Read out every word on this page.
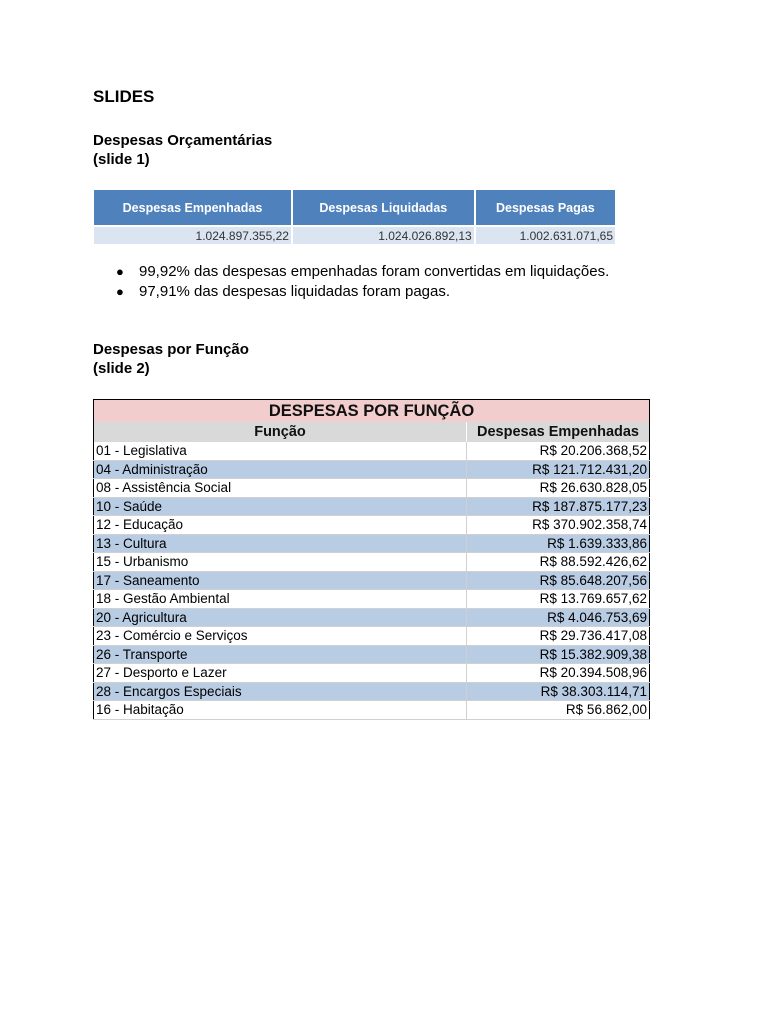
SLIDES
Despesas Orçamentárias
(slide 1)
Despesas Empenhadas	Despesas Liquidadas	Despesas Pagas
1.024.897.355,22	1.024.026.892,13	1.002.631.071,65
● 99,92% das despesas empenhadas foram convertidas em liquidações.
● 97,91% das despesas liquidadas foram pagas.
Despesas por Função
(slide 2)
DESPESAS POR FUNÇÃO	
Função	Despesas Empenhadas
01 - Legislativa	R$ 20.206.368,52
04 - Administração	R$ 121.712.431,20
08 - Assistência Social	R$ 26.630.828,05
10 - Saúde	R$ 187.875.177,23
12 - Educação	R$ 370.902.358,74
13 - Cultura	R$ 1.639.333,86
15 - Urbanismo	R$ 88.592.426,62
17 - Saneamento	R$ 85.648.207,56
18 - Gestão Ambiental	R$ 13.769.657,62
20 - Agricultura	R$ 4.046.753,69
23 - Comércio e Serviços	R$ 29.736.417,08
26 - Transporte	R$ 15.382.909,38
27 - Desporto e Lazer	R$ 20.394.508,96
28 - Encargos Especiais	R$ 38.303.114,71
16 - Habitação	R$ 56.862,00
